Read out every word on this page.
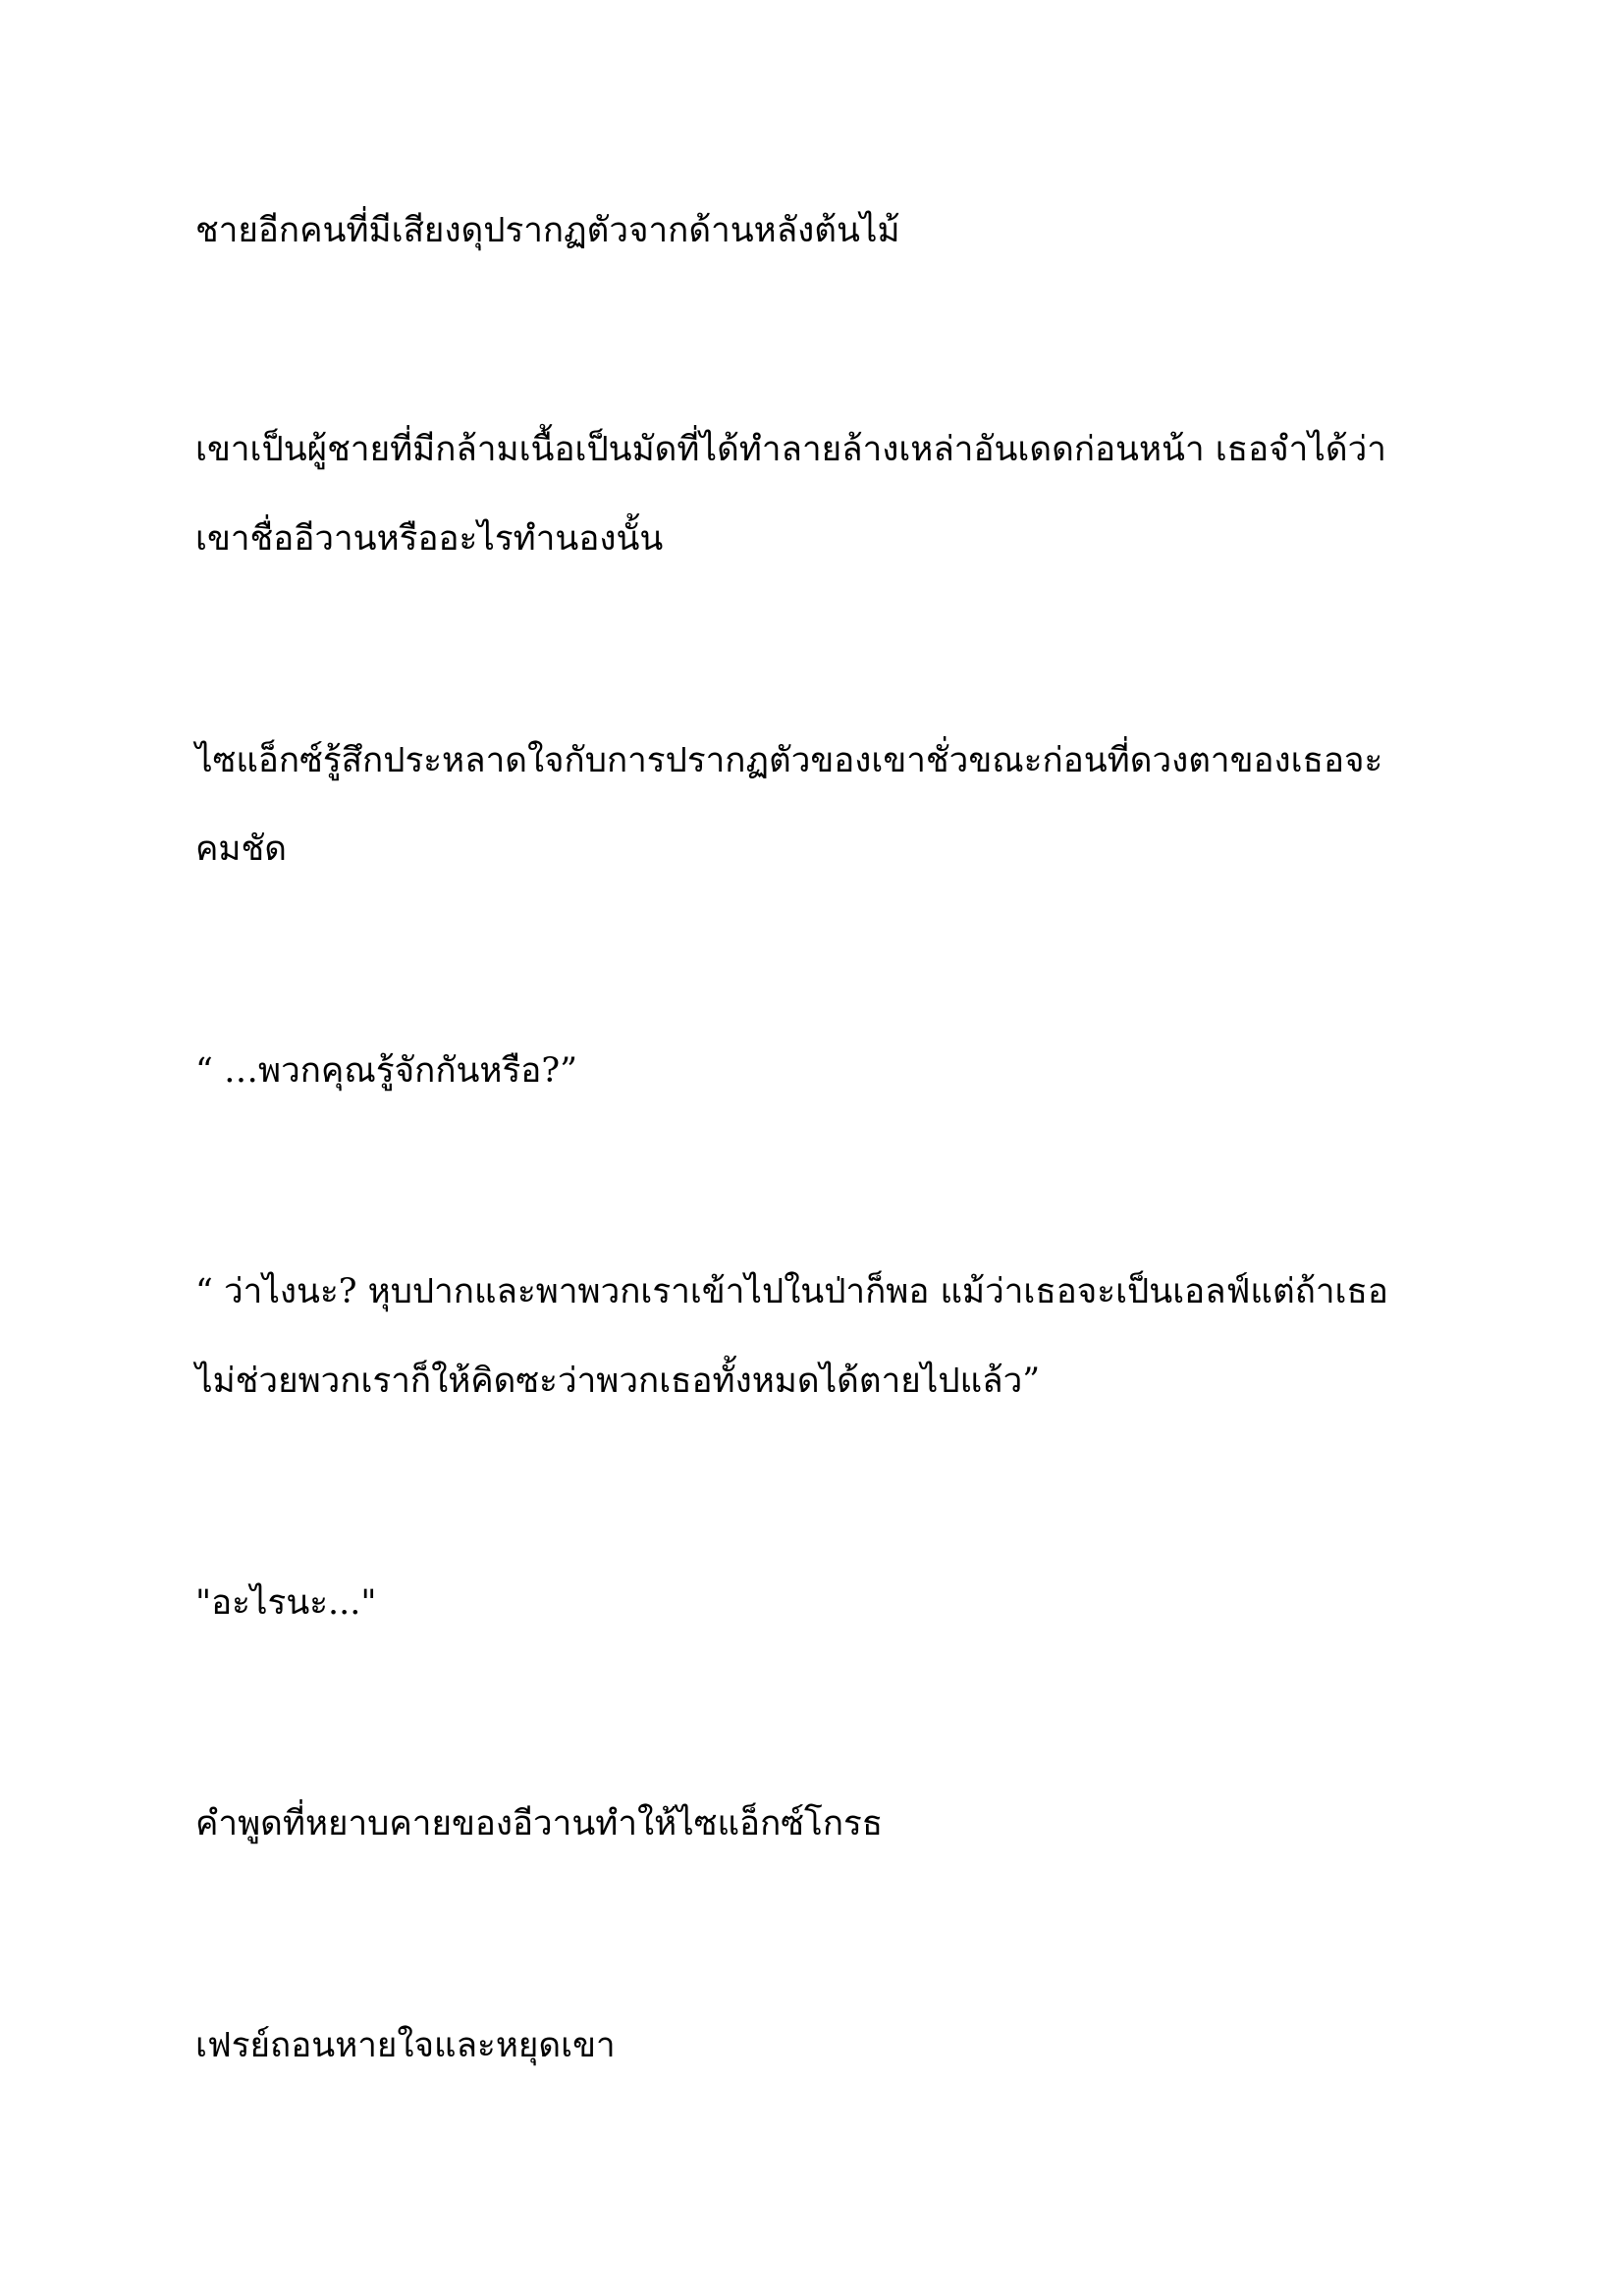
ชายอีกคนที่มีเสียงดุปรากฏตัวจากด้านหลังต้นไม้

เขาเป็นผู้ชายที่มีกล้ามเนื้อเป็นมัดที่ได้ทำลายล้างเหล่าอันเดดก่อนหน้า เธอจำได้ว่า

เขาชื่ออีวานหรืออะไรทำนองนั้น

ไซแอ็กซ์รู้สึกประหลาดใจกับการปรากฏตัวของเขาชั่วขณะก่อนที่ดวงตาของเธอจะ

คมชัด

“ …พวกคุณรู้จักกันหรือ?”

“ ว่าไงนะ? หุบปากและพาพวกเราเข้าไปในป่าก็พอ แม้ว่าเธอจะเป็นเอลฟ์แต่ถ้าเธอ

ไม่ช่วยพวกเราก็ให้คิดซะว่าพวกเธอทั้งหมดได้ตายไปแล้ว”

"อะไรนะ..."

คำพูดที่หยาบคายของอีวานทำให้ไซแอ็กซ์โกรธ

เฟรย์ถอนหายใจและหยุดเขา
